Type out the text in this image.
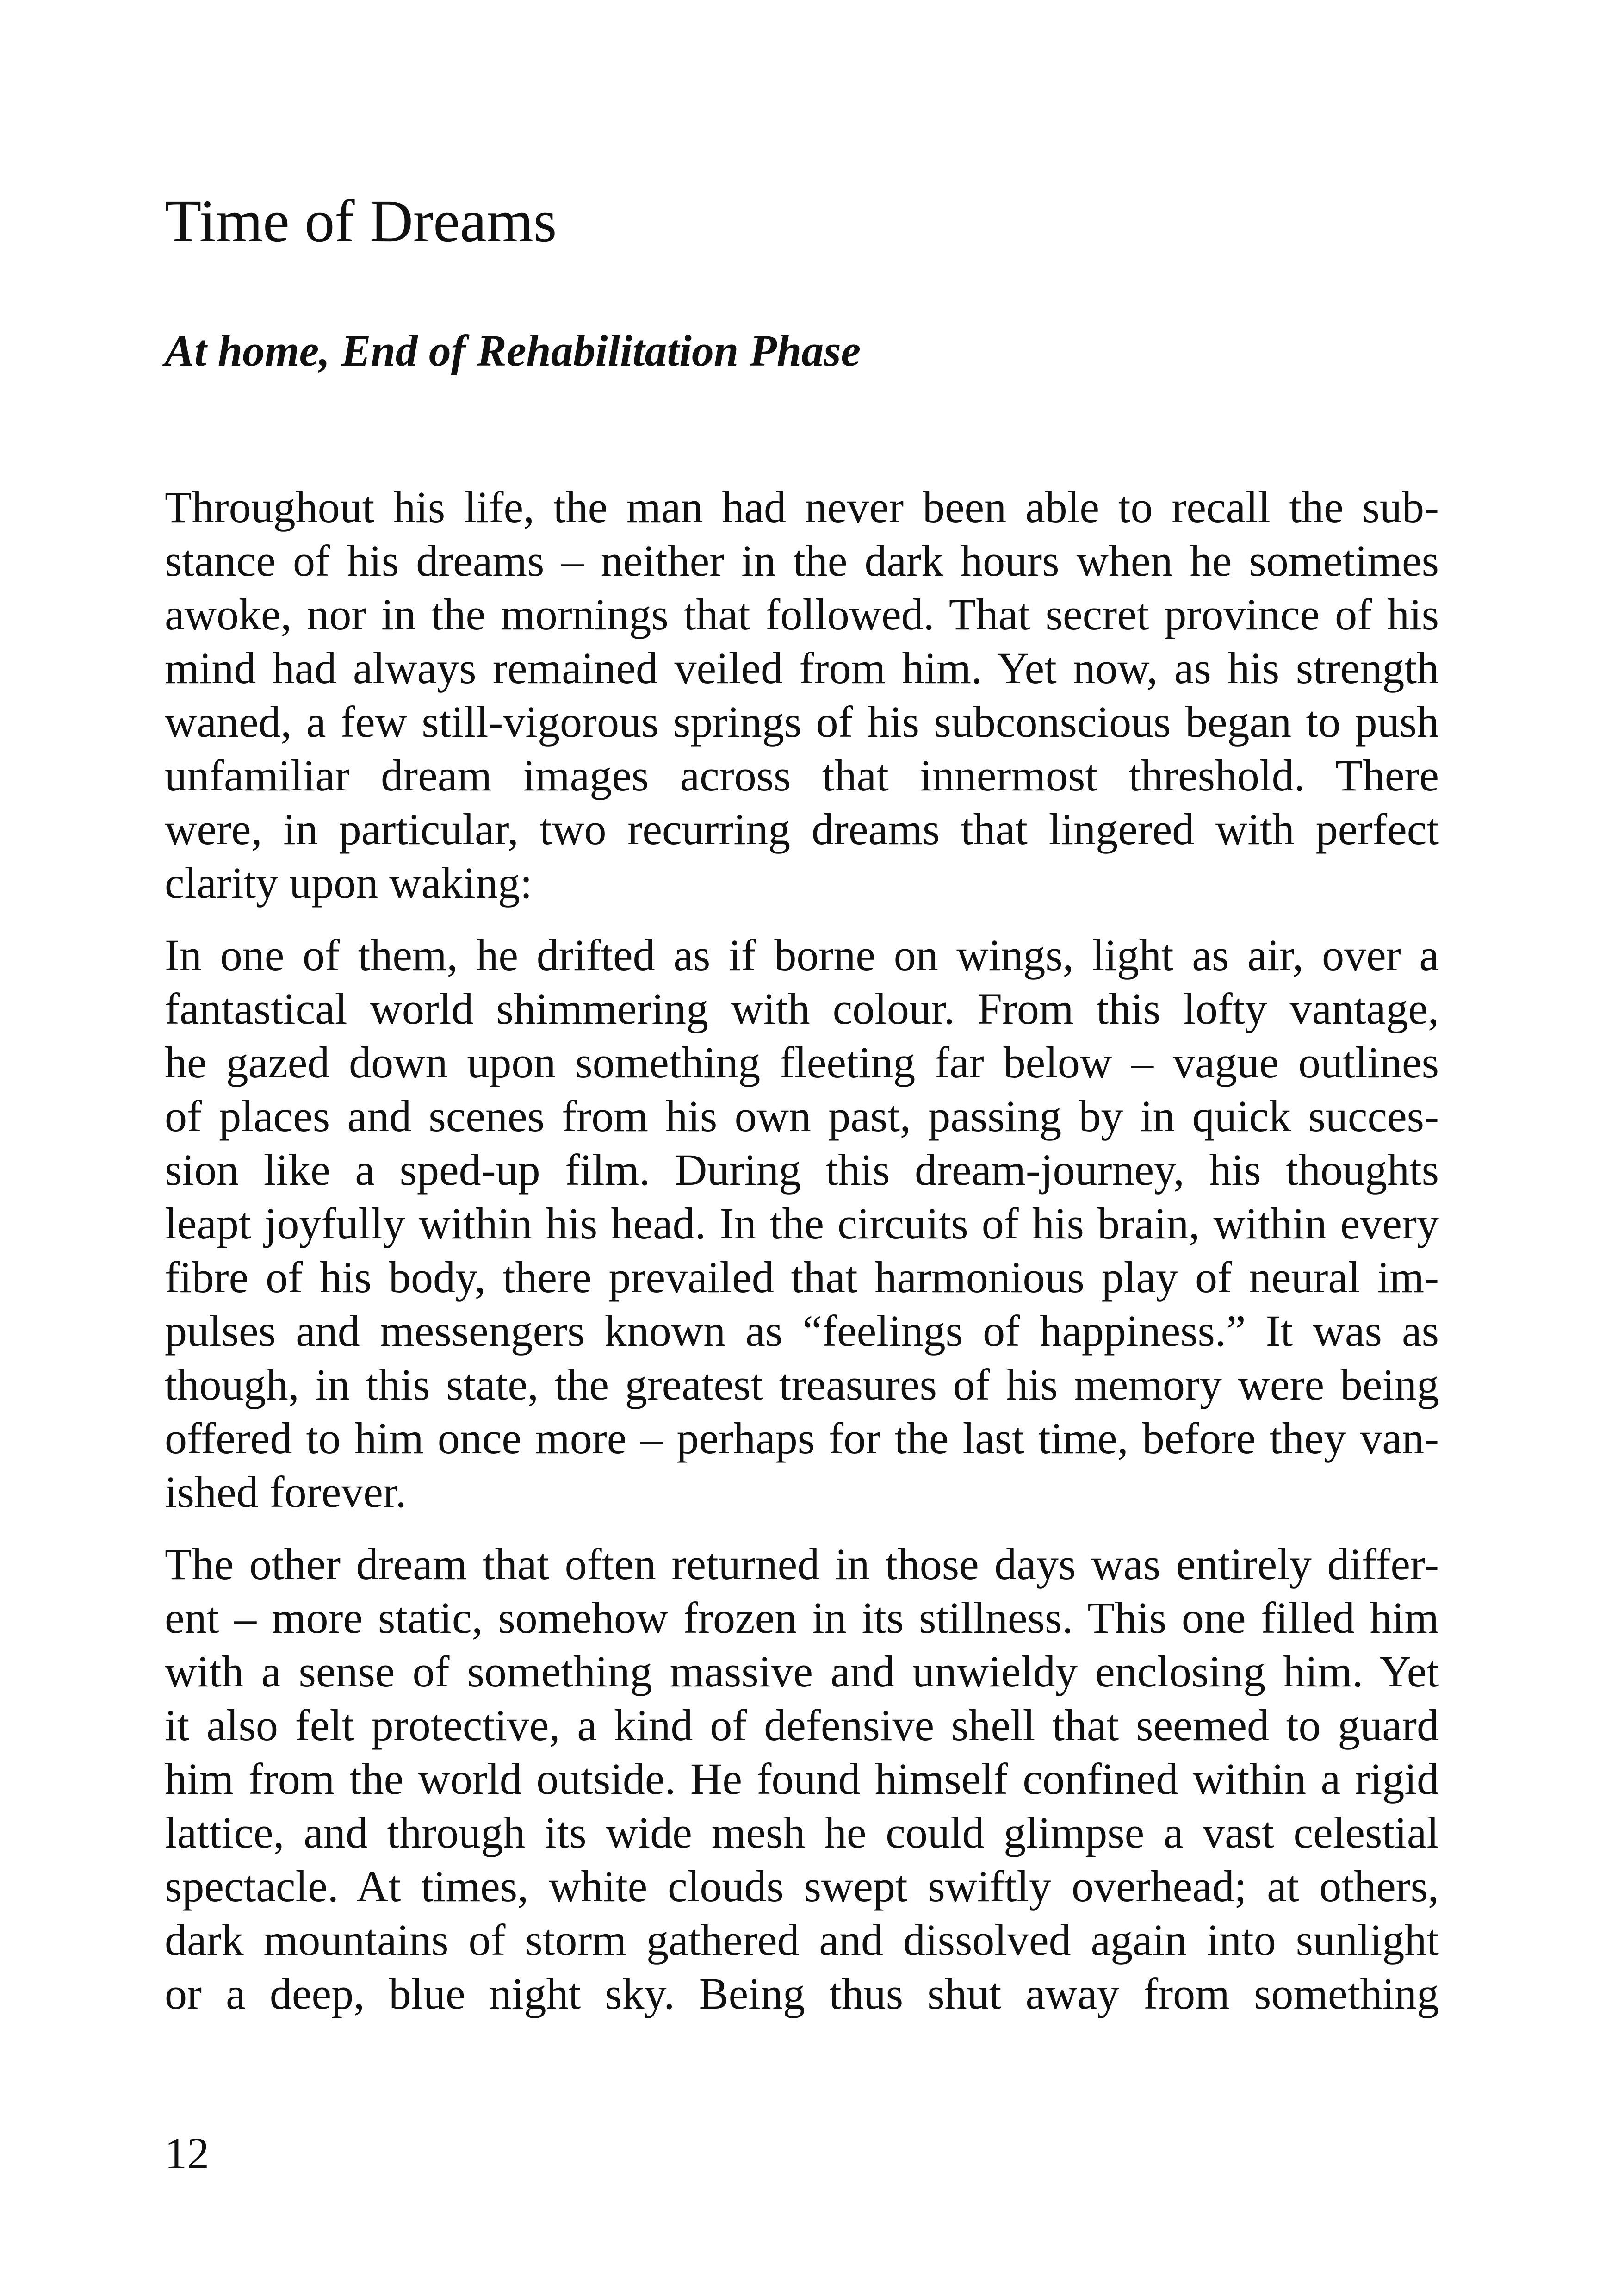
Time of Dreams
At home, End of Rehabilitation Phase

Throughout his life, the man had never been able to recall the sub-
stance of his dreams – neither in the dark hours when he sometimes
awoke, nor in the mornings that followed. That secret province of his
mind had always remained veiled from him. Yet now, as his strength
waned, a few still-vigorous springs of his subconscious began to push
unfamiliar dream images across that innermost threshold. There
were, in particular, two recurring dreams that lingered with perfect
clarity upon waking:

In one of them, he drifted as if borne on wings, light as air, over a
fantastical world shimmering with colour. From this lofty vantage,
he gazed down upon something fleeting far below – vague outlines
of places and scenes from his own past, passing by in quick succes-
sion like a sped-up film. During this dream-journey, his thoughts
leapt joyfully within his head. In the circuits of his brain, within every
fibre of his body, there prevailed that harmonious play of neural im-
pulses and messengers known as “feelings of happiness.” It was as
though, in this state, the greatest treasures of his memory were being
offered to him once more – perhaps for the last time, before they van-
ished forever.

The other dream that often returned in those days was entirely differ-
ent – more static, somehow frozen in its stillness. This one filled him
with a sense of something massive and unwieldy enclosing him. Yet
it also felt protective, a kind of defensive shell that seemed to guard
him from the world outside. He found himself confined within a rigid
lattice, and through its wide mesh he could glimpse a vast celestial
spectacle. At times, white clouds swept swiftly overhead; at others,
dark mountains of storm gathered and dissolved again into sunlight
or a deep, blue night sky. Being thus shut away from something

12
